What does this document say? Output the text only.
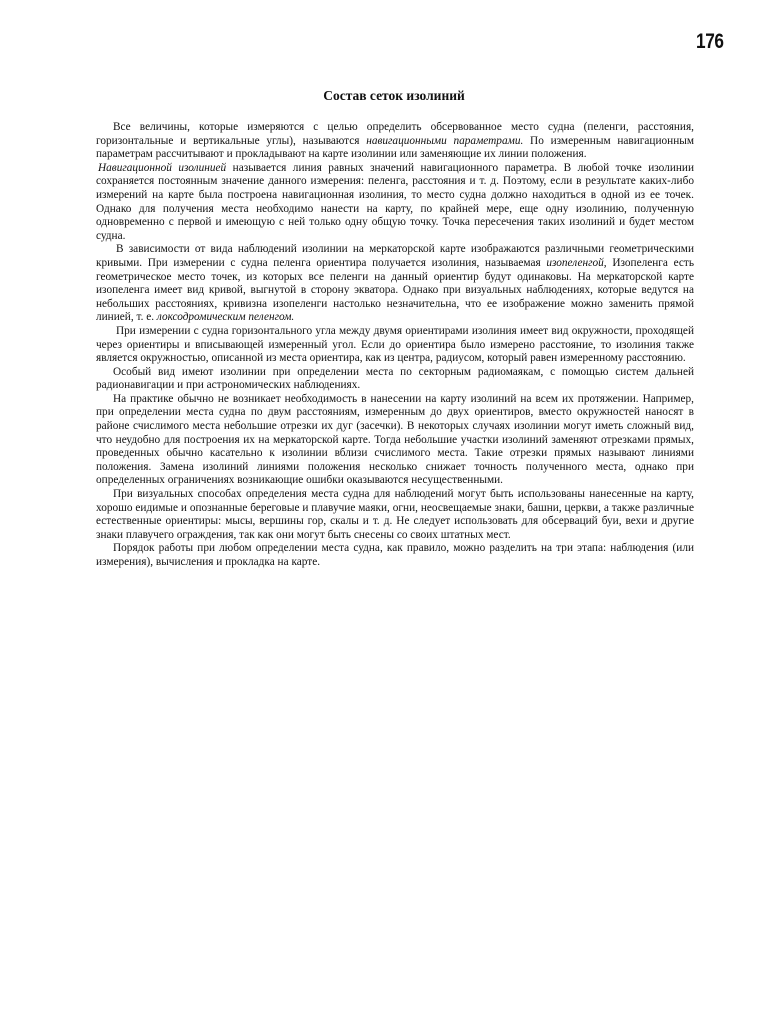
176
Состав сеток изолиний

Все величины, которые измеряются с целью определить обсервованное место судна (пеленги, расстояния, горизонтальные и вертикальные углы), называются навигационными параметрами. По измеренным навигационным параметрам рассчитывают и прокладывают на карте изолинии или заменяющие их линии положения.

Навигационной изолинией называется линия равных значений навигационного параметра. В любой точке изолинии сохраняется постоянным значение данного измерения: пеленга, расстояния и т. д. Поэтому, если в результате каких-либо измерений на карте была построена навигационная изолиния, то место судна должно находиться в одной из ее точек. Однако для получения места необходимо нанести на карту, по крайней мере, еще одну изолинию, полученную одновременно с первой и имеющую с ней только одну общую точку. Точка пересечения таких изолиний и будет местом судна.

В зависимости от вида наблюдений изолинии на меркаторской карте изображаются различными геометрическими кривыми. При измерении с судна пеленга ориентира получается изолиния, называемая изопеленгой, Изопеленга есть геометрическое место точек, из которых все пеленги на данный ориентир будут одинаковы. На меркаторской карте изопеленга имеет вид кривой, выгнутой в сторону экватора. Однако при визуальных наблюдениях, которые ведутся на небольших расстояниях, кривизна изопеленги настолько незначительна, что ее изображение можно заменить прямой линией, т. е. локсодромическим пеленгом.

При измерении с судна горизонтального угла между двумя ориентирами изолиния имеет вид окружности, проходящей через ориентиры и вписывающей измеренный угол. Если до ориентира было измерено расстояние, то изолиния также является окружностью, описанной из места ориентира, как из центра, радиусом, который равен измеренному расстоянию.

Особый вид имеют изолинии при определении места по секторным радиомаякам, с помощью систем дальней радионавигации и при астрономических наблюдениях.

На практике обычно не возникает необходимость в нанесении на карту изолиний на всем их протяжении. Например, при определении места судна по двум расстояниям, измеренным до двух ориентиров, вместо окружностей наносят в районе счислимого места небольшие отрезки их дуг (засечки). В некоторых случаях изолинии могут иметь сложный вид, что неудобно для построения их на меркаторской карте. Тогда небольшие участки изолиний заменяют отрезками прямых, проведенных обычно касательно к изолинии вблизи счислимого места. Такие отрезки прямых называют линиями положения. Замена изолиний линиями положения несколько снижает точность полученного места, однако при определенных ограничениях возникающие ошибки оказываются несущественными.

При визуальных способах определения места судна для наблюдений могут быть использованы нанесенные на карту, хорошо еидимые и опознанные береговые и плавучие маяки, огни, неосвещаемые знаки, башни, церкви, а также различные естественные ориентиры: мысы, вершины гор, скалы и т. д. Не следует использовать для обсерваций буи, вехи и другие знаки плавучего ограждения, так как они могут быть снесены со своих штатных мест.

Порядок работы при любом определении места судна, как правило, можно разделить на три этапа: наблюдения (или измерения), вычисления и прокладка на карте.
